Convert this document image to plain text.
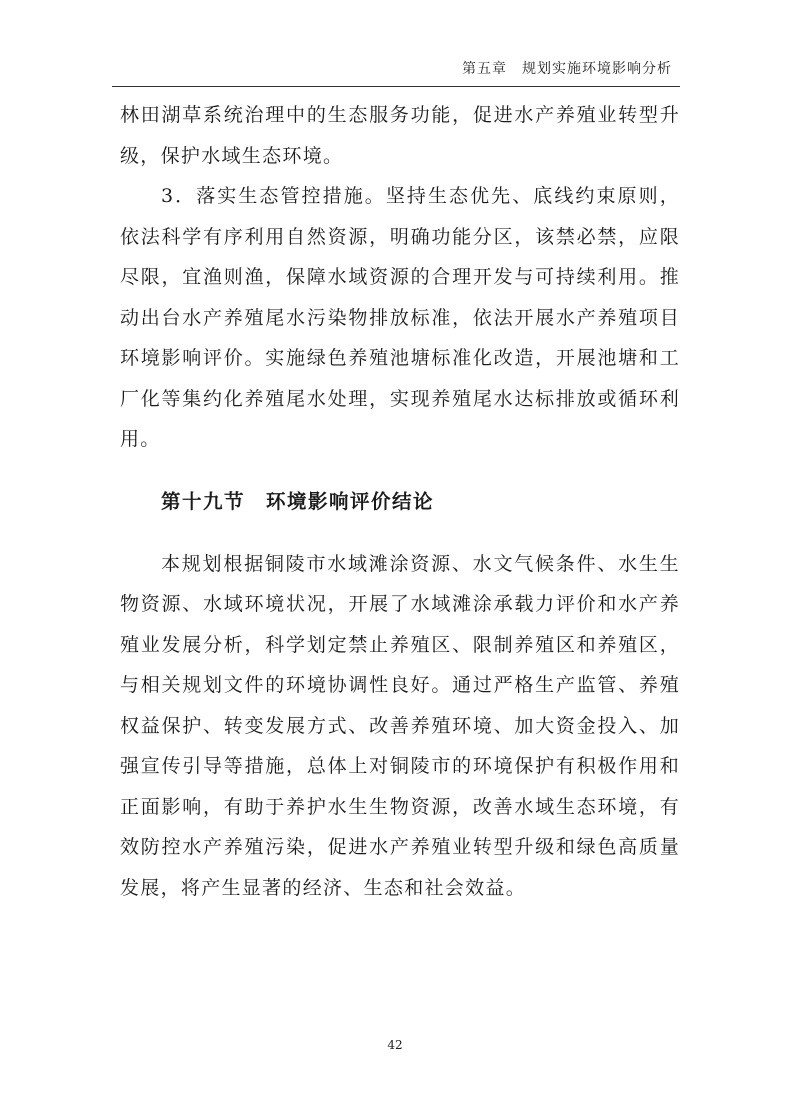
第五章　规划实施环境影响分析

林田湖草系统治理中的生态服务功能，促进水产养殖业转型升级，保护水域生态环境。

3．落实生态管控措施。坚持生态优先、底线约束原则，依法科学有序利用自然资源，明确功能分区，该禁必禁，应限尽限，宜渔则渔，保障水域资源的合理开发与可持续利用。推动出台水产养殖尾水污染物排放标准，依法开展水产养殖项目环境影响评价。实施绿色养殖池塘标准化改造，开展池塘和工厂化等集约化养殖尾水处理，实现养殖尾水达标排放或循环利用。

第十九节　环境影响评价结论

本规划根据铜陵市水域滩涂资源、水文气候条件、水生生物资源、水域环境状况，开展了水域滩涂承载力评价和水产养殖业发展分析，科学划定禁止养殖区、限制养殖区和养殖区，与相关规划文件的环境协调性良好。通过严格生产监管、养殖权益保护、转变发展方式、改善养殖环境、加大资金投入、加强宣传引导等措施，总体上对铜陵市的环境保护有积极作用和正面影响，有助于养护水生生物资源，改善水域生态环境，有效防控水产养殖污染，促进水产养殖业转型升级和绿色高质量发展，将产生显著的经济、生态和社会效益。

42
